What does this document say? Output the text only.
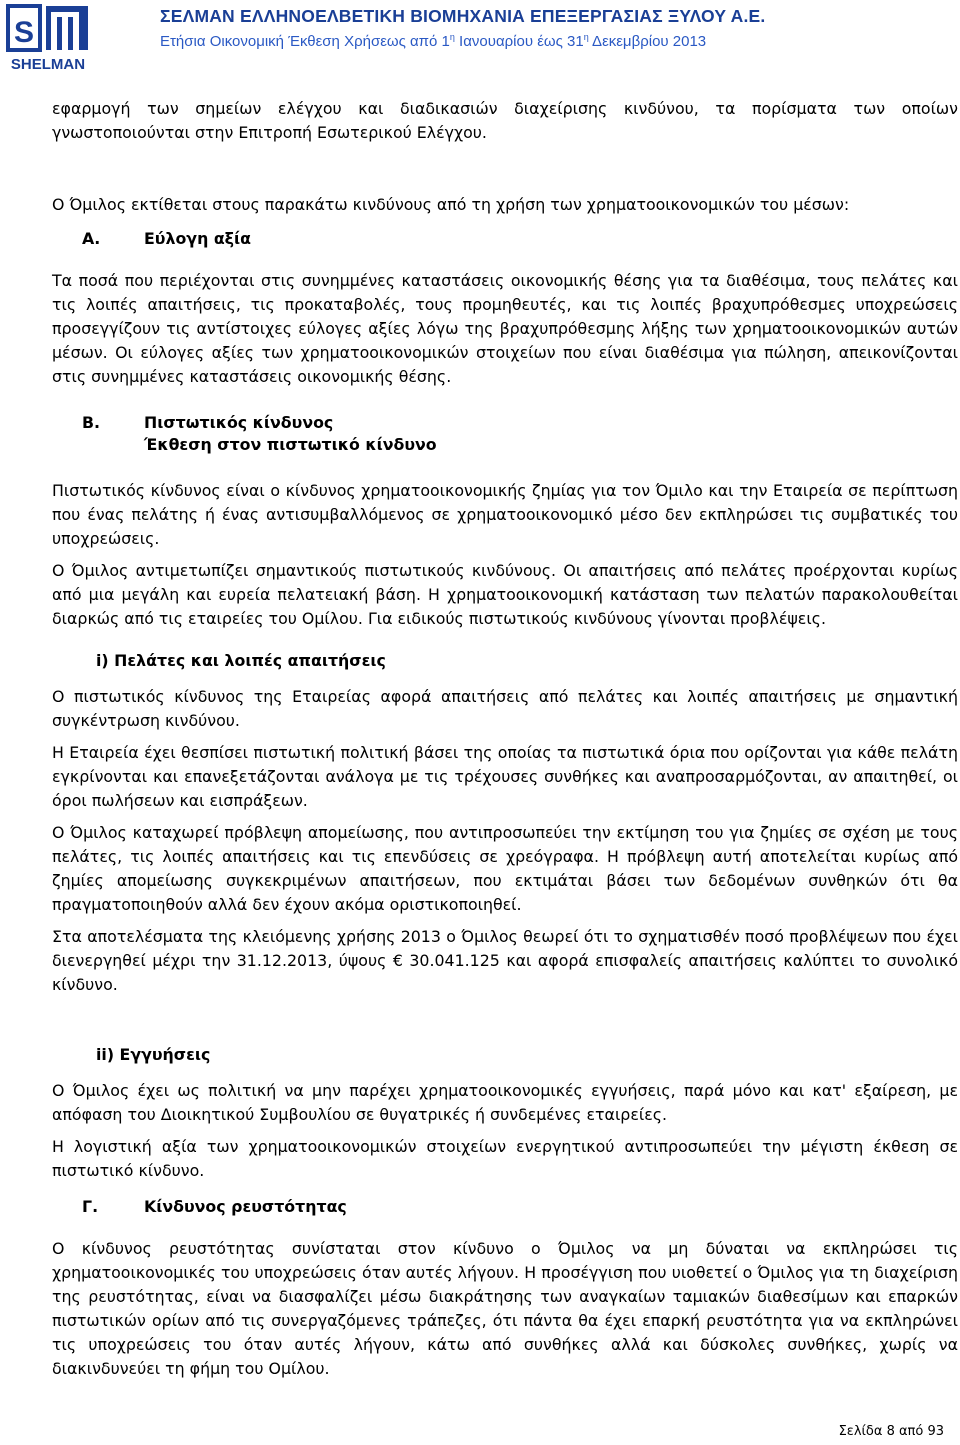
S
SHELMAN
ΣΕΛΜΑΝ ΕΛΛΗΝΟΕΛΒΕΤΙΚΗ ΒΙΟΜΗΧΑΝΙΑ ΕΠΕΞΕΡΓΑΣΙΑΣ ΞΥΛΟΥ Α.Ε.
Ετήσια Οικονομική Έκθεση Χρήσεως από $1^\eta$ Ιανουαρίου έως $31^\eta$ Δεκεμβρίου 2013

εφαρμογή των σημείων ελέγχου και διαδικασιών διαχείρισης κινδύνου, τα πορίσματα των οποίων γνωστοποιούνται στην Επιτροπή Εσωτερικού Ελέγχου.

Ο Όμιλος εκτίθεται στους παρακάτω κινδύνους από τη χρήση των χρηματοοικονομικών του μέσων:

Α.	Εύλογη αξία

Τα ποσά που περιέχονται στις συνημμένες καταστάσεις οικονομικής θέσης για τα διαθέσιμα, τους πελάτες και τις λοιπές απαιτήσεις, τις προκαταβολές, τους προμηθευτές, και τις λοιπές βραχυπρόθεσμες υποχρεώσεις προσεγγίζουν τις αντίστοιχες εύλογες αξίες λόγω της βραχυπρόθεσμης λήξης των χρηματοοικονομικών αυτών μέσων. Οι εύλογες αξίες των χρηματοοικονομικών στοιχείων που είναι διαθέσιμα για πώληση, απεικονίζονται στις συνημμένες καταστάσεις οικονομικής θέσης.

Β.	Πιστωτικός κίνδυνος

Έκθεση στον πιστωτικό κίνδυνο

Πιστωτικός κίνδυνος είναι ο κίνδυνος χρηματοοικονομικής ζημίας για τον Όμιλο και την Εταιρεία σε περίπτωση που ένας πελάτης ή ένας αντισυμβαλλόμενος σε χρηματοοικονομικό μέσο δεν εκπληρώσει τις συμβατικές του υποχρεώσεις.

Ο Όμιλος αντιμετωπίζει σημαντικούς πιστωτικούς κινδύνους. Οι απαιτήσεις από πελάτες προέρχονται κυρίως από μια μεγάλη και ευρεία πελατειακή βάση. Η χρηματοοικονομική κατάσταση των πελατών παρακολουθείται διαρκώς από τις εταιρείες του Ομίλου. Για ειδικούς πιστωτικούς κινδύνους γίνονται προβλέψεις.

i) Πελάτες και λοιπές απαιτήσεις

Ο πιστωτικός κίνδυνος της Εταιρείας αφορά απαιτήσεις από πελάτες και λοιπές απαιτήσεις με σημαντική συγκέντρωση κινδύνου.

Η Εταιρεία έχει θεσπίσει πιστωτική πολιτική βάσει της οποίας τα πιστωτικά όρια που ορίζονται για κάθε πελάτη εγκρίνονται και επανεξετάζονται ανάλογα με τις τρέχουσες συνθήκες και αναπροσαρμόζονται, αν απαιτηθεί, οι όροι πωλήσεων και εισπράξεων.

Ο Όμιλος καταχωρεί πρόβλεψη απομείωσης, που αντιπροσωπεύει την εκτίμηση του για ζημίες σε σχέση με τους πελάτες, τις λοιπές απαιτήσεις και τις επενδύσεις σε χρεόγραφα. Η πρόβλεψη αυτή αποτελείται κυρίως από ζημίες απομείωσης συγκεκριμένων απαιτήσεων, που εκτιμάται βάσει των δεδομένων συνθηκών ότι θα πραγματοποιηθούν αλλά δεν έχουν ακόμα οριστικοποιηθεί.

Στα αποτελέσματα της κλειόμενης χρήσης 2013 ο Όμιλος θεωρεί ότι το σχηματισθέν ποσό προβλέψεων που έχει διενεργηθεί μέχρι την 31.12.2013, ύψους € 30.041.125 και αφορά επισφαλείς απαιτήσεις καλύπτει το συνολικό κίνδυνο.

ii) Εγγυήσεις

Ο Όμιλος έχει ως πολιτική να μην παρέχει χρηματοοικονομικές εγγυήσεις, παρά μόνο και κατ' εξαίρεση, με απόφαση του Διοικητικού Συμβουλίου σε θυγατρικές ή συνδεμένες εταιρείες.

Η λογιστική αξία των χρηματοοικονομικών στοιχείων ενεργητικού αντιπροσωπεύει την μέγιστη έκθεση σε πιστωτικό κίνδυνο.

Γ.	Κίνδυνος ρευστότητας

Ο κίνδυνος ρευστότητας συνίσταται στον κίνδυνο ο Όμιλος να μη δύναται να εκπληρώσει τις χρηματοοικονομικές του υποχρεώσεις όταν αυτές λήγουν. Η προσέγγιση που υιοθετεί ο Όμιλος για τη διαχείριση της ρευστότητας, είναι να διασφαλίζει μέσω διακράτησης των αναγκαίων ταμιακών διαθεσίμων και επαρκών πιστωτικών ορίων από τις συνεργαζόμενες τράπεζες, ότι πάντα θα έχει επαρκή ρευστότητα για να εκπληρώνει τις υποχρεώσεις του όταν αυτές λήγουν, κάτω από συνθήκες αλλά και δύσκολες συνθήκες, χωρίς να διακινδυνεύει τη φήμη του Ομίλου.

Σελίδα 8 από 93
